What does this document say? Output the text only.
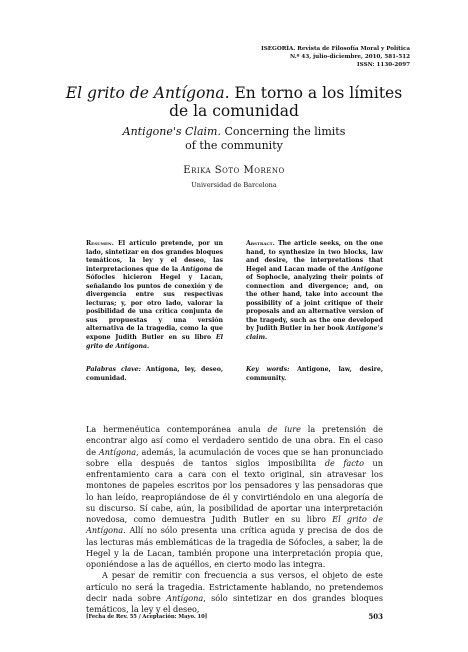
ISEGORÍA. Revista de Filosofía Moral y Política
N.º 43, julio-diciembre, 2010, 581-512
ISSN: 1130-2097
El grito de Antígona. En torno a los límites
de la comunidad
Antigone's Claim. Concerning the limits
of the community
Erika Soto Moreno
Universidad de Barcelona
Resumen. El artículo pretende, por un lado, sintetizar en dos grandes bloques temáticos, la ley y el deseo, las interpretaciones que de la Antígona de Sófocles hicieron Hegel y Lacan, señalando los puntos de conexión y de divergencia entre sus respectivas lecturas; y, por otro lado, valorar la posibilidad de una crítica conjunta de sus propuestas y una versión alternativa de la tragedia, como la que expone Judith Butler en su libro El grito de Antígona.
Abstract. The article seeks, on the one hand, to synthesize in two blocks, law and desire, the interpretations that Hegel and Lacan made of the Antigone of Sophocle, analyzing their points of connection and divergence; and, on the other hand, take into account the possibility of a joint critique of their proposals and an alternative version of the tragedy, such as the one developed by Judith Butler in her book Antigone's claim.
Palabras clave: Antígona, ley, deseo, comunidad.
Key words: Antigone, law, desire, community.

La hermenéutica contemporánea anula de iure la pretensión de encontrar algo así como el verdadero sentido de una obra. En el caso de Antígona, además, la acumulación de voces que se han pronunciado sobre ella después de tantos siglos imposibilita de facto un enfrentamiento cara a cara con el texto original, sin atravesar los montones de papeles escritos por los pensadores y las pensadoras que lo han leído, reapropiándose de él y convirtiéndolo en una alegoría de su discurso. Sí cabe, aún, la posibilidad de aportar una interpretación novedosa, como demuestra Judith Butler en su libro El grito de Antígona. Allí no sólo presenta una crítica aguda y precisa de dos de las lecturas más emblemáticas de la tragedia de Sófocles, a saber, la de Hegel y la de Lacan, también propone una interpretación propia que, oponiéndose a las de aquéllos, en cierto modo las integra.

A pesar de remitir con frecuencia a sus versos, el objeto de este artículo no será la tragedia. Estrictamente hablando, no pretendemos decir nada sobre Antígona, sólo sintetizar en dos grandes bloques temáticos, la ley y el deseo,

[Fecha de Rev. 55 / Aceptación: Mayo. 10]	503
